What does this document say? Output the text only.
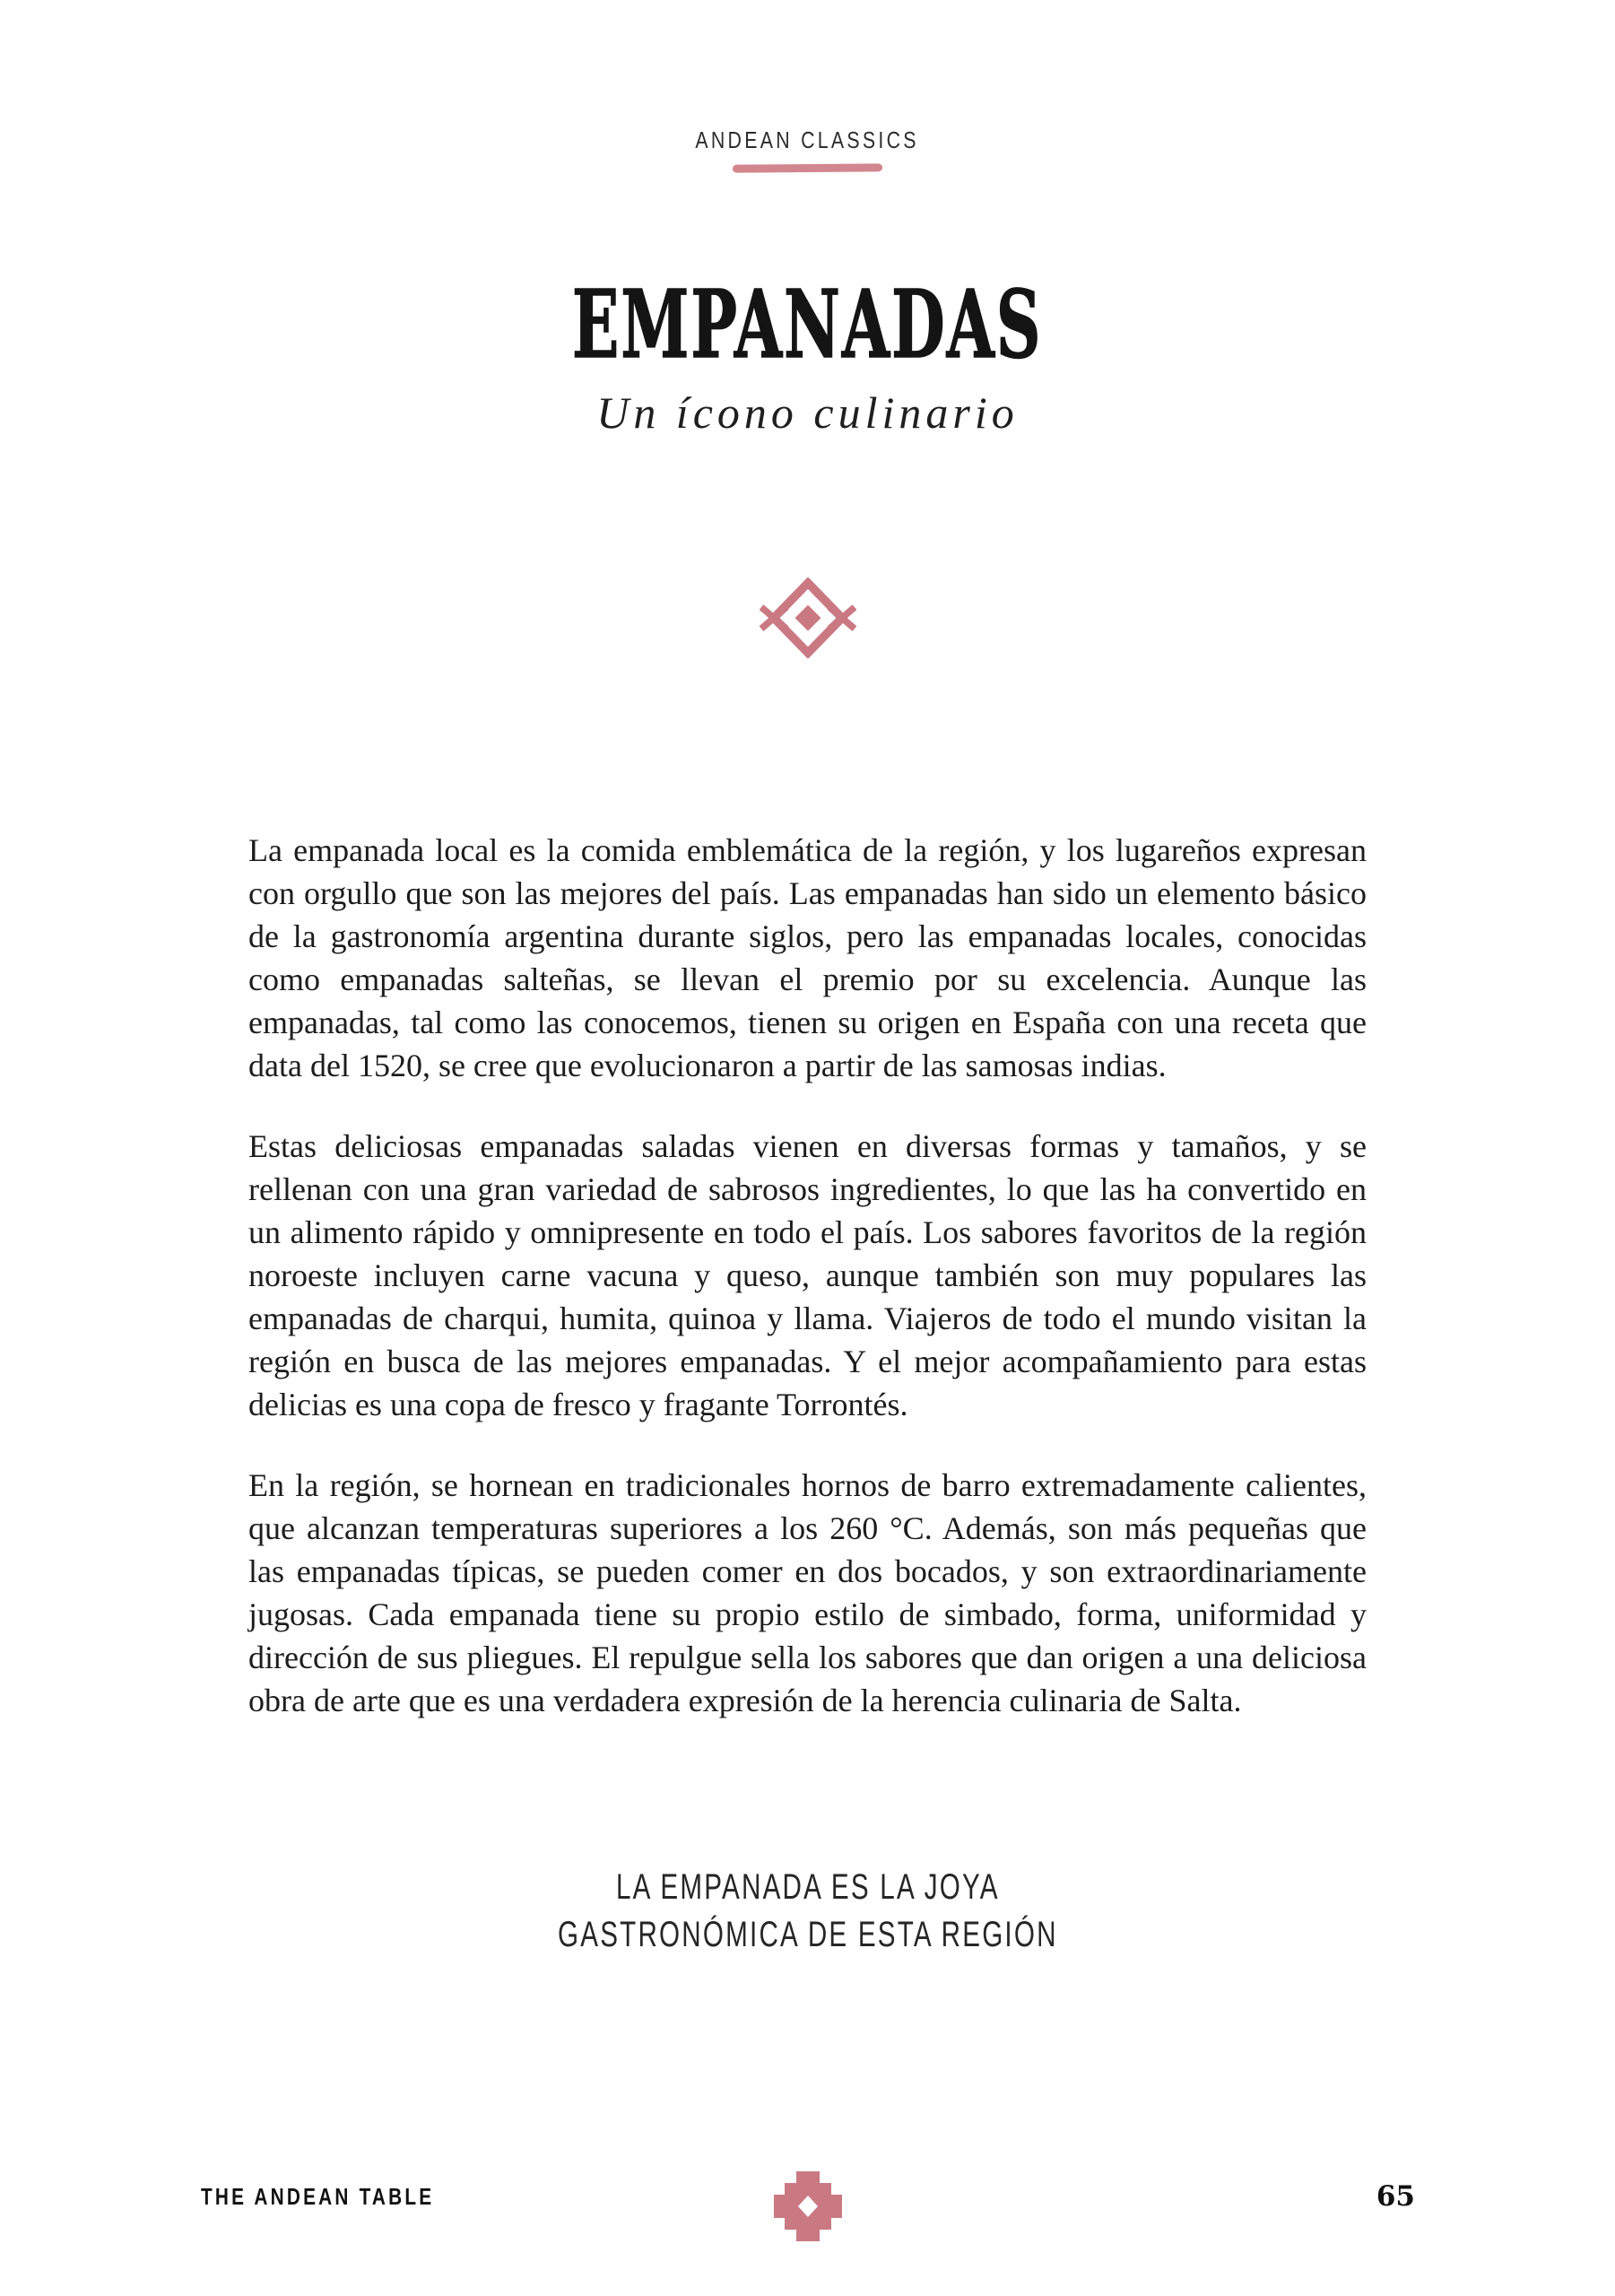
ANDEAN CLASSICS
EMPANADAS
Un ícono culinario

La empanada local es la comida emblemática de la región, y los lugareños expresan con orgullo que son las mejores del país. Las empanadas han sido un elemento básico de la gastronomía argentina durante siglos, pero las empanadas locales, conocidas como empanadas salteñas, se llevan el premio por su excelencia. Aunque las empanadas, tal como las conocemos, tienen su origen en España con una receta que data del 1520, se cree que evolucionaron a partir de las samosas indias.

Estas deliciosas empanadas saladas vienen en diversas formas y tamaños, y se rellenan con una gran variedad de sabrosos ingredientes, lo que las ha convertido en un alimento rápido y omnipresente en todo el país. Los sabores favoritos de la región noroeste incluyen carne vacuna y queso, aunque también son muy populares las empanadas de charqui, humita, quinoa y llama. Viajeros de todo el mundo visitan la región en busca de las mejores empanadas. Y el mejor acompañamiento para estas delicias es una copa de fresco y fragante Torrontés.

En la región, se hornean en tradicionales hornos de barro extremadamente calientes, que alcanzan temperaturas superiores a los 260 °C. Además, son más pequeñas que las empanadas típicas, se pueden comer en dos bocados, y son extraordinariamente jugosas. Cada empanada tiene su propio estilo de simbado, forma, uniformidad y dirección de sus pliegues. El repulgue sella los sabores que dan origen a una deliciosa obra de arte que es una verdadera expresión de la herencia culinaria de Salta.

LA EMPANADA ES LA JOYA
GASTRONÓMICA DE ESTA REGIÓN
THE ANDEAN TABLE	65
